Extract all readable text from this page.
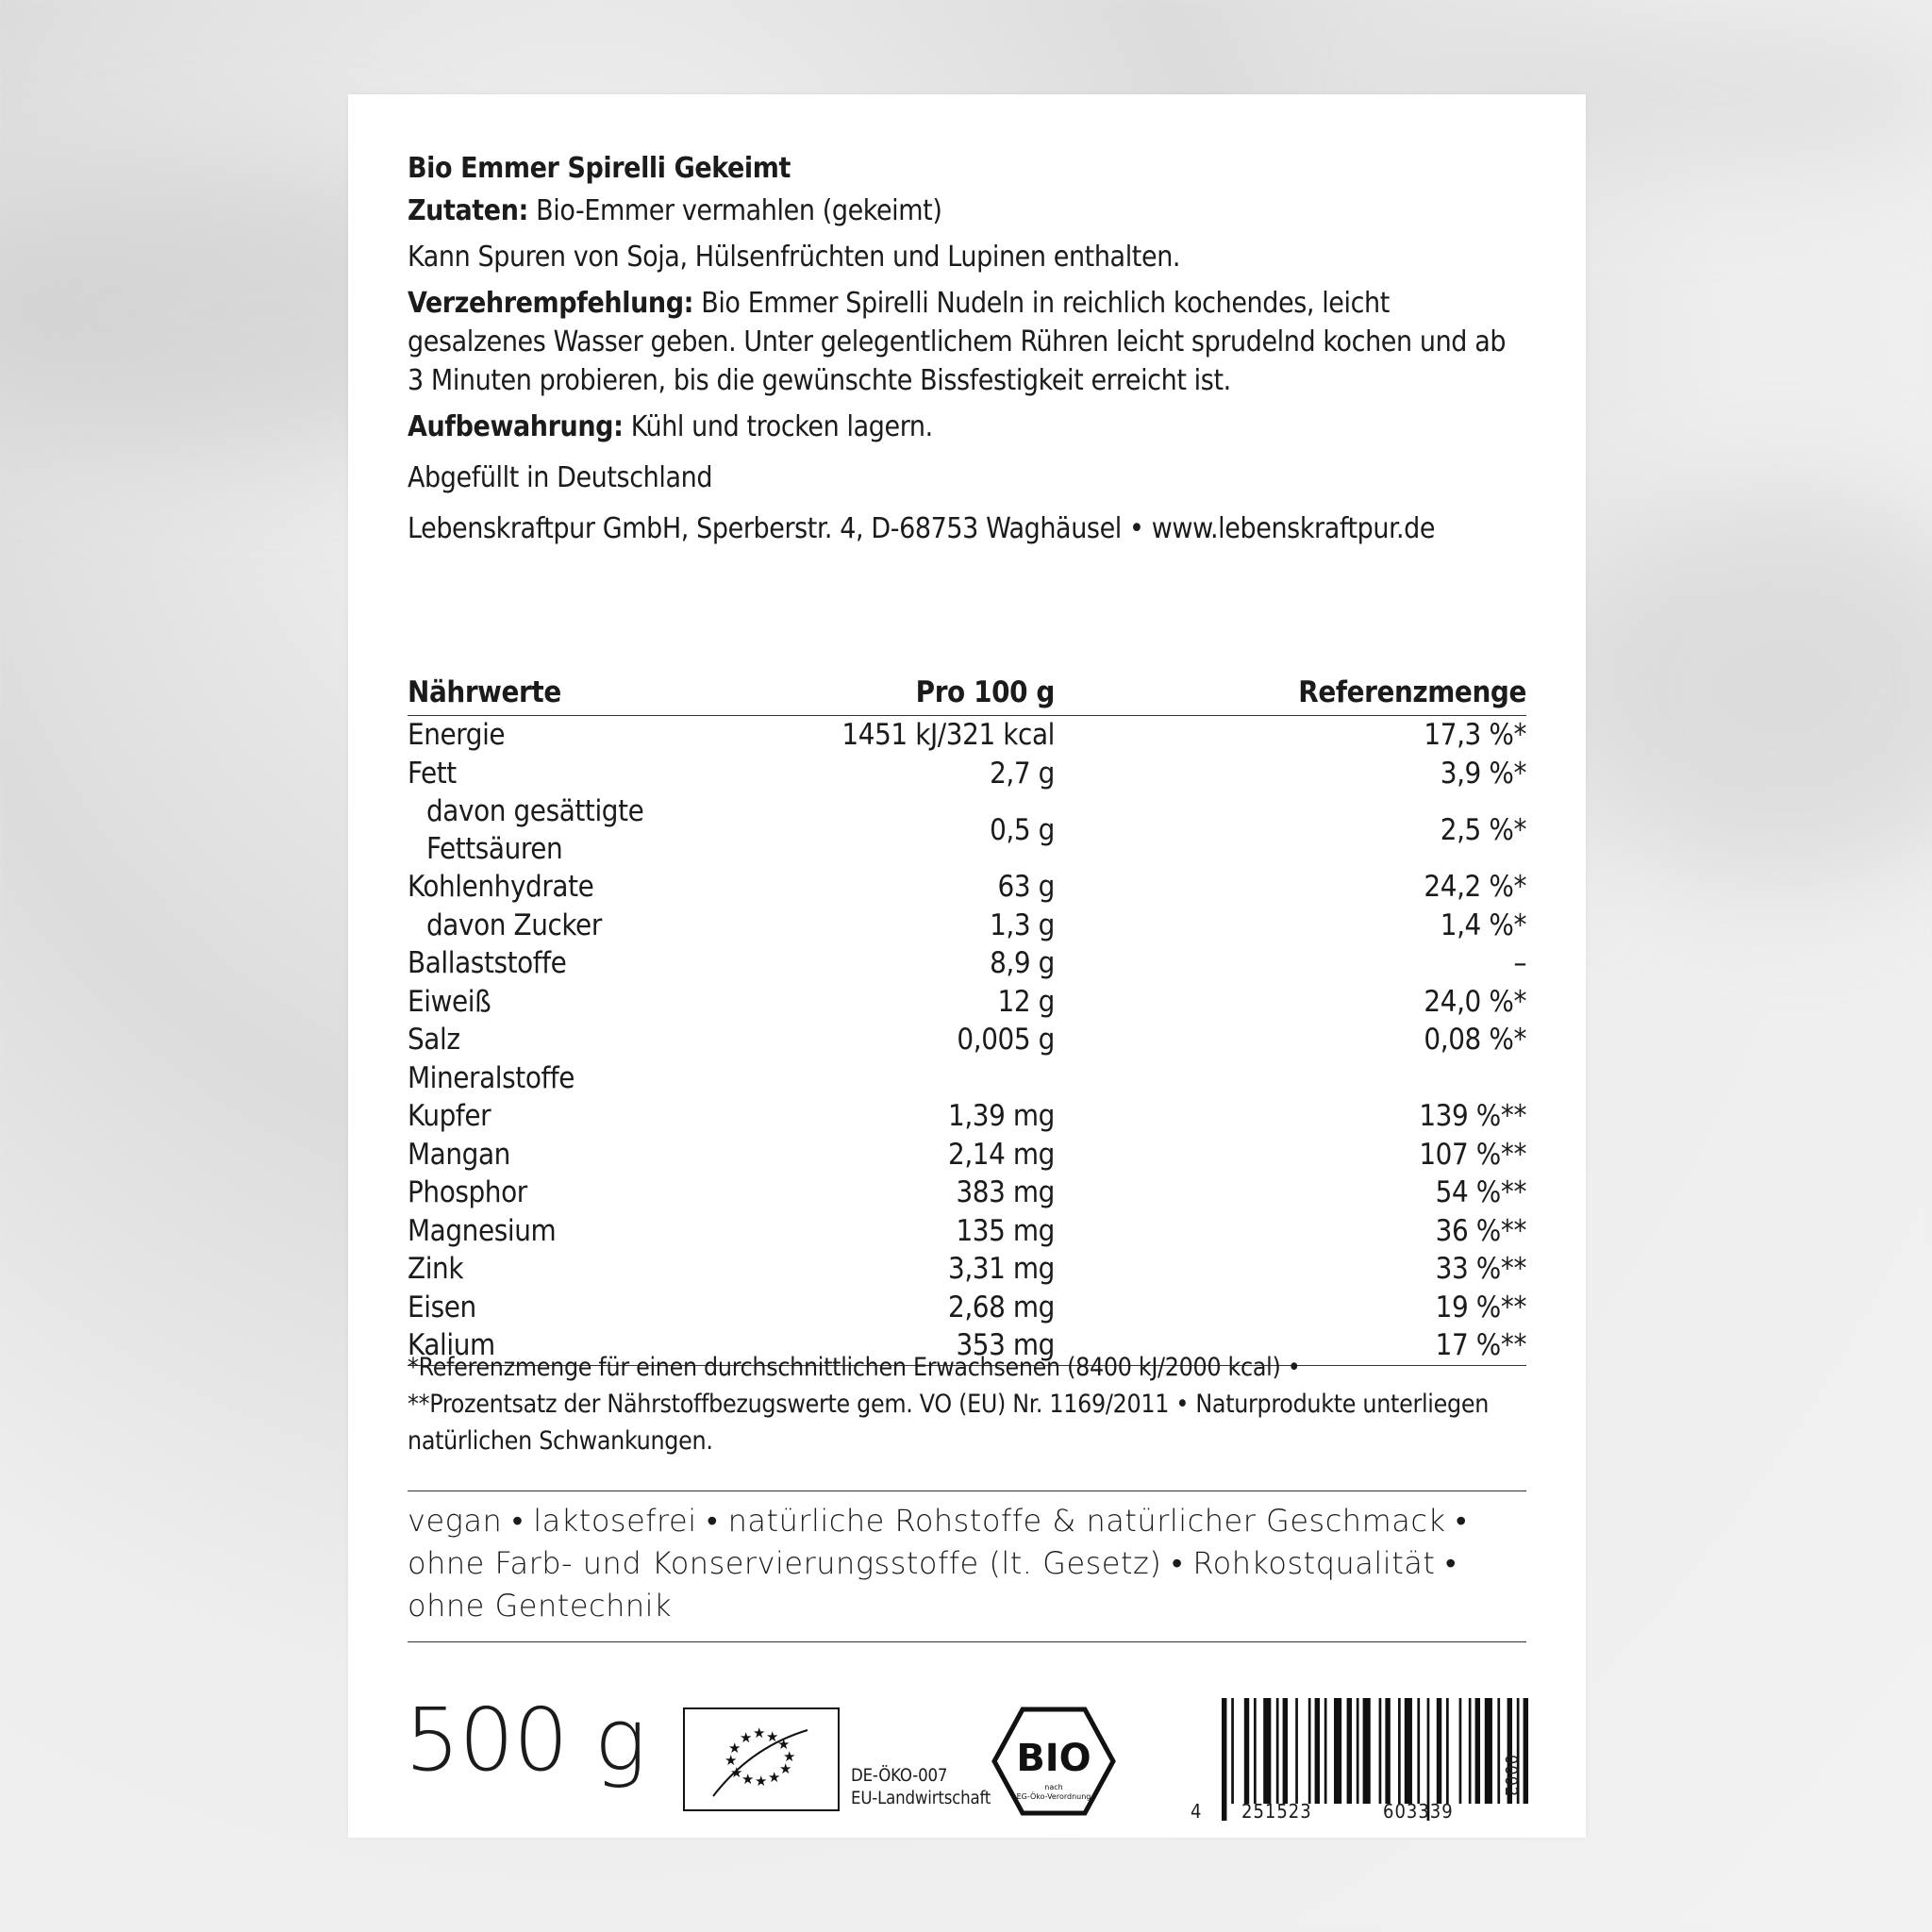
Bio Emmer Spirelli Gekeimt
Zutaten: Bio-Emmer vermahlen (gekeimt)
Kann Spuren von Soja, Hülsenfrüchten und Lupinen enthalten.
Verzehrempfehlung: Bio Emmer Spirelli Nudeln in reichlich kochendes, leicht gesalzenes Wasser geben. Unter gelegentlichem Rühren leicht sprudelnd kochen und ab 3 Minuten probieren, bis die gewünschte Bissfestigkeit erreicht ist.
Aufbewahrung: Kühl und trocken lagern.
Abgefüllt in Deutschland
Lebenskraftpur GmbH, Sperberstr. 4, D-68753 Waghäusel • www.lebenskraftpur.de
Nährwerte	Pro 100 g	Referenzmenge
Energie	1451 kJ/321 kcal	17,3 %*
Fett	2,7 g	3,9 %*
davon gesättigte Fettsäuren	0,5 g	2,5 %*
Kohlenhydrate	63 g	24,2 %*
davon Zucker	1,3 g	1,4 %*
Ballaststoffe	8,9 g	–
Eiweiß	12 g	24,0 %*
Salz	0,005 g	0,08 %*
Mineralstoffe		
Kupfer	1,39 mg	139 %**
Mangan	2,14 mg	107 %**
Phosphor	383 mg	54 %**
Magnesium	135 mg	36 %**
Zink	3,31 mg	33 %**
Eisen	2,68 mg	19 %**
Kalium	353 mg	17 %**
*Referenzmenge für einen durchschnittlichen Erwachsenen (8400 kJ/2000 kcal) •
**Prozentsatz der Nährstoffbezugswerte gem. VO (EU) Nr. 1169/2011 • Naturprodukte unterliegen natürlichen Schwankungen.
vegan • laktosefrei • natürliche Rohstoffe & natürlicher Geschmack •
ohne Farb- und Konservierungsstoffe (lt. Gesetz) • Rohkostqualität •
ohne Gentechnik
500 g	★ ★
★
★
★
★
★
★
★
★
★
★
DE-ÖKO-007
EU-Landwirtschaft
BIO
nach
EG-Öko-Verordnung
4	251523	603339
0002
